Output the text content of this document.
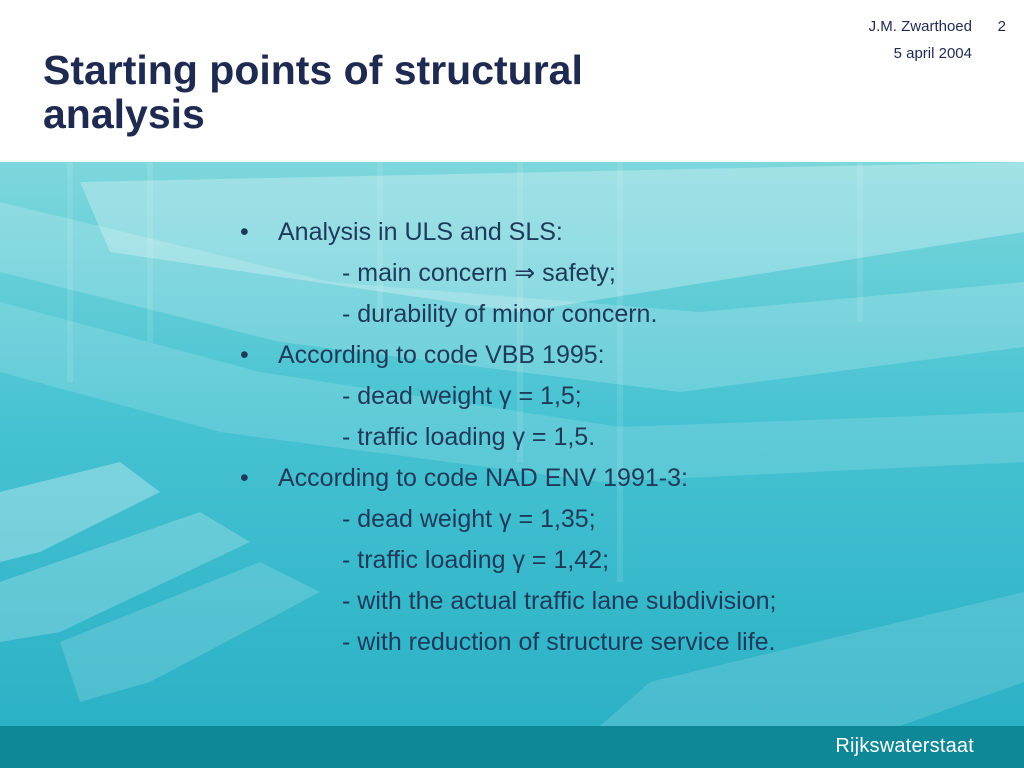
J.M. Zwarthoed	2
5 april 2004
Starting points of structural
analysis
• Analysis in ULS and SLS:
- main concern ⇒ safety;
- durability of minor concern.
• According to code VBB 1995:
- dead weight γ = 1,5;
- traffic loading γ = 1,5.
• According to code NAD ENV 1991-3:
- dead weight γ = 1,35;
- traffic loading γ = 1,42;
- with the actual traffic lane subdivision;
- with reduction of structure service life.
Rijkswaterstaat
